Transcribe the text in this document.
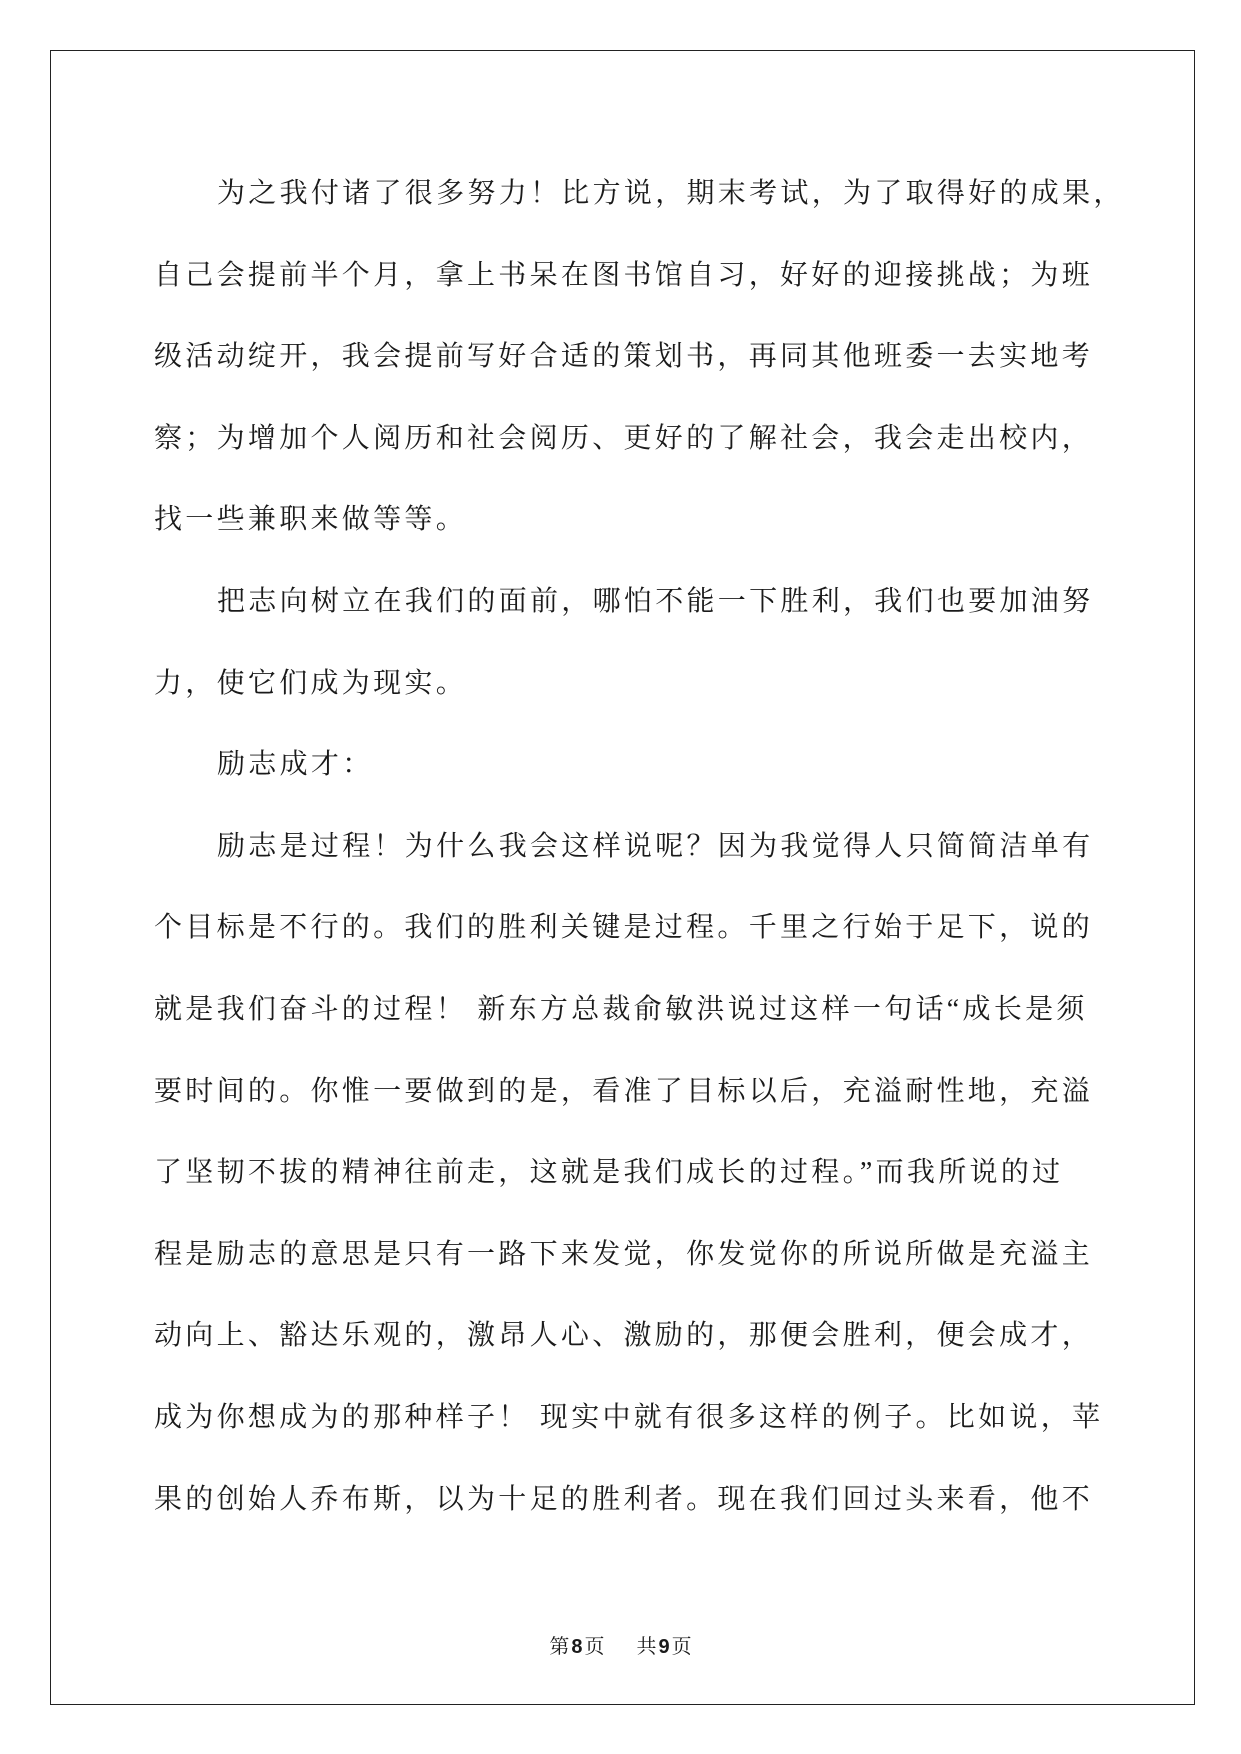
为之我付诸了很多努力！比方说，期末考试，为了取得好的成果，
自己会提前半个月，拿上书呆在图书馆自习，好好的迎接挑战；为班
级活动绽开，我会提前写好合适的策划书，再同其他班委一去实地考
察；为增加个人阅历和社会阅历、更好的了解社会，我会走出校内，
找一些兼职来做等等。
把志向树立在我们的面前，哪怕不能一下胜利，我们也要加油努
力，使它们成为现实。
励志成才：
励志是过程！为什么我会这样说呢？因为我觉得人只简简洁单有
个目标是不行的。我们的胜利关键是过程。千里之行始于足下，说的
就是我们奋斗的过程！ 新东方总裁俞敏洪说过这样一句话“成长是须
要时间的。你惟一要做到的是，看准了目标以后，充溢耐性地，充溢
了坚韧不拔的精神往前走，这就是我们成长的过程。”而我所说的过
程是励志的意思是只有一路下来发觉，你发觉你的所说所做是充溢主
动向上、豁达乐观的，激昂人心、激励的，那便会胜利，便会成才，
成为你想成为的那种样子！ 现实中就有很多这样的例子。比如说，苹
果的创始人乔布斯，以为十足的胜利者。现在我们回过头来看，他不
第 8 页 共 9 页
